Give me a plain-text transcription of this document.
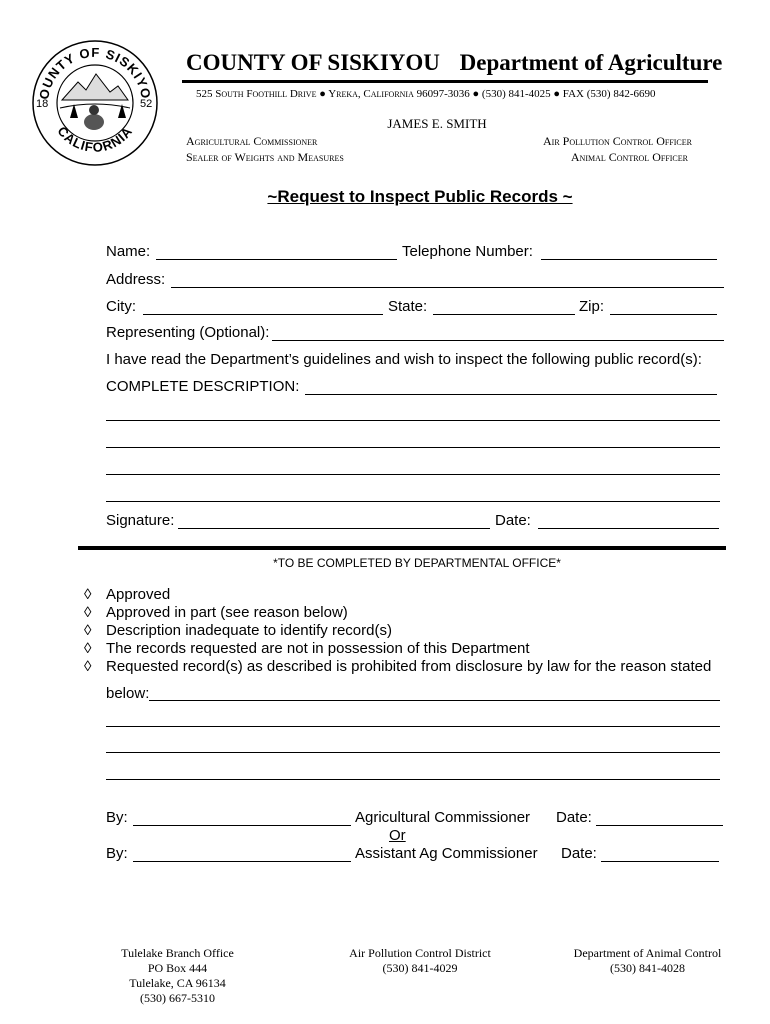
OUNTY OF SISKIYO
CALIFORNIA
18	52
COUNTY OF SISKIYOU Department of Agriculture
525 South Foothill Drive ● Yreka, California 96097-3036 ● (530) 841-4025 ● FAX (530) 842-6690
JAMES E. SMITH
Agricultural Commissioner
Sealer of Weights and Measures
Air Pollution Control Officer
Animal Control Officer
~Request to Inspect Public Records ~
Name:	Telephone Number:
Address:
City:	State:	Zip:
Representing (Optional):
I have read the Department’s guidelines and wish to inspect the following public record(s):
COMPLETE DESCRIPTION:
Signature:	Date:
*TO BE COMPLETED BY DEPARTMENTAL OFFICE*
◊ Approved
◊ Approved in part (see reason below)
◊ Description inadequate to identify record(s)
◊ The records requested are not in possession of this Department
◊ Requested record(s) as described is prohibited from disclosure by law for the reason stated
below:
By:	Agricultural Commissioner Date:
Or
By:	Assistant Ag Commissioner Date:
Tulelake Branch Office
PO Box 444
Tulelake, CA 96134
(530) 667-5310
Air Pollution Control District
(530) 841-4029
Department of Animal Control
(530) 841-4028
